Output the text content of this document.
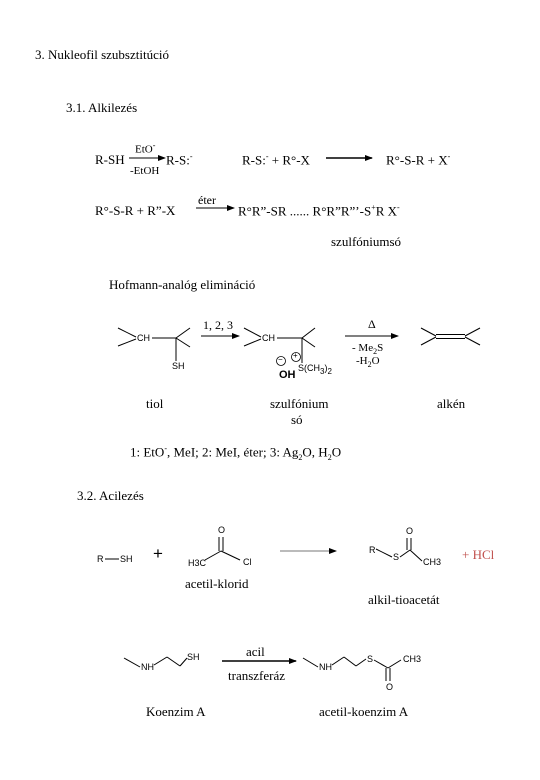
3. Nukleofil szubsztitúció
3.1. Alkilezés
R-SH
EtO-
-EtOH
R-S:-	R-S:- + R°-X	R°-S-R + X-
R°-S-R + R”-X
éter
R°R”-SR ...... R°R”R”’-S+R X-
szulfóniumsó
Hofmann-analóg elimináció
1, 2, 3	Δ
- $Me_2S$
$-H_2O$
CH
SH
CH
$S(CH_3)_2$
OH
− +
tiol	szulfónium
só
alkén
1: EtO-, MeI; 2: MeI, éter; 3: $Ag_2O$, $H_2O$
3.2. Acilezés
R SH +
O
H3C	Cl
acetil-klorid
R
S
O
CH3 + HCl
alkil-tioacetát
NH
SH	acil
transzferáz
NH
S	CH3
O
Koenzim A	acetil-koenzim A
